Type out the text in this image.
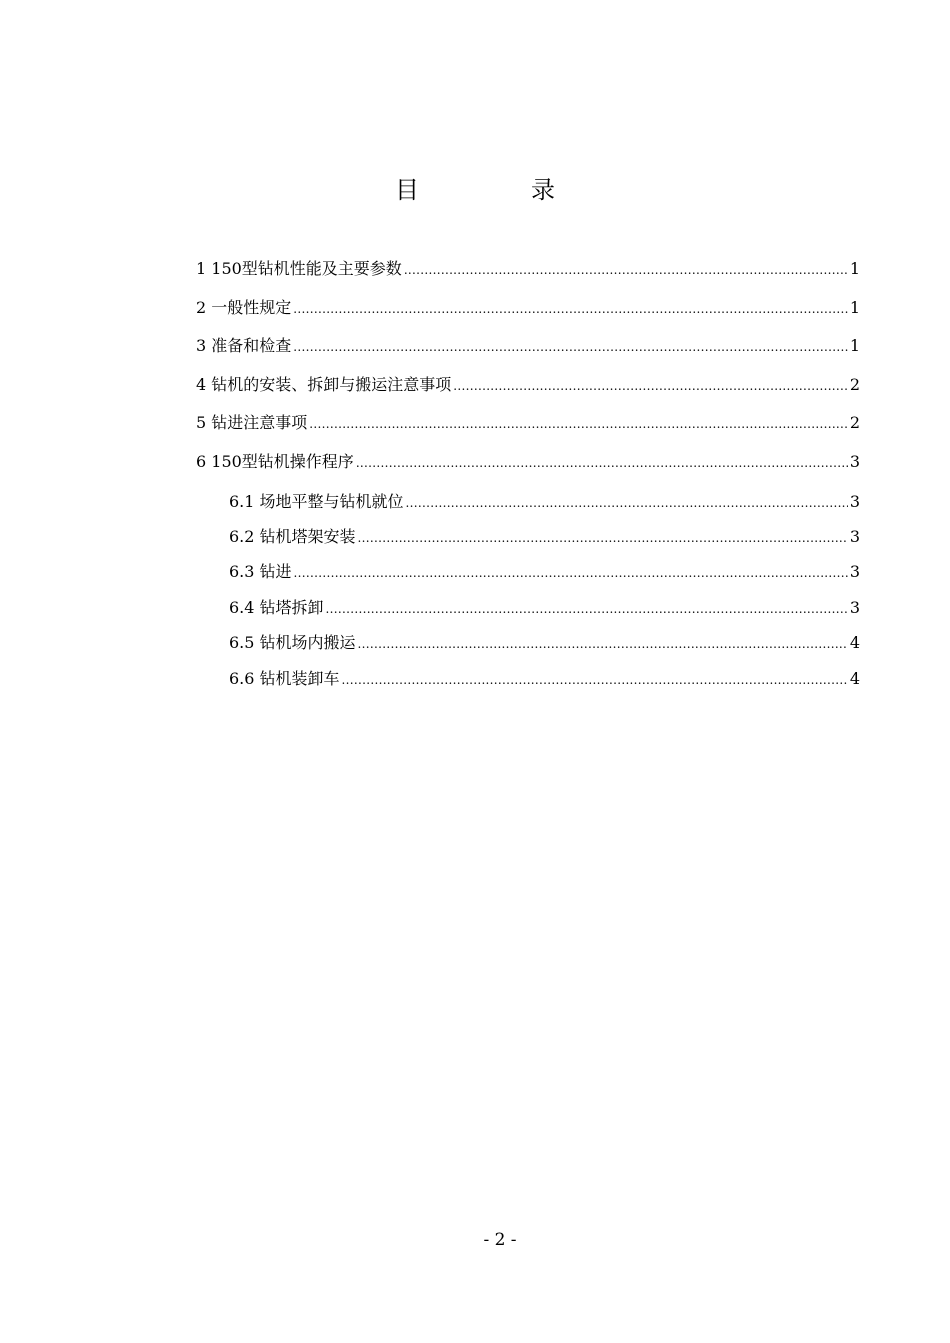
目　录
1 150型钻机性能及主要参数 .....	1
2 一般性规定 .....	1
3 准备和检查 .....	1
4 钻机的安装、拆卸与搬运注意事项 .....	2
5 钻进注意事项 .....	2
6 150型钻机操作程序 .....	3
6.1 场地平整与钻机就位 .....	3
6.2 钻机塔架安装 .....	3
6.3 钻进 .....	3
6.4 钻塔拆卸 .....	3
6.5 钻机场内搬运 .....	4
6.6 钻机装卸车 .....	4
- 2 -
